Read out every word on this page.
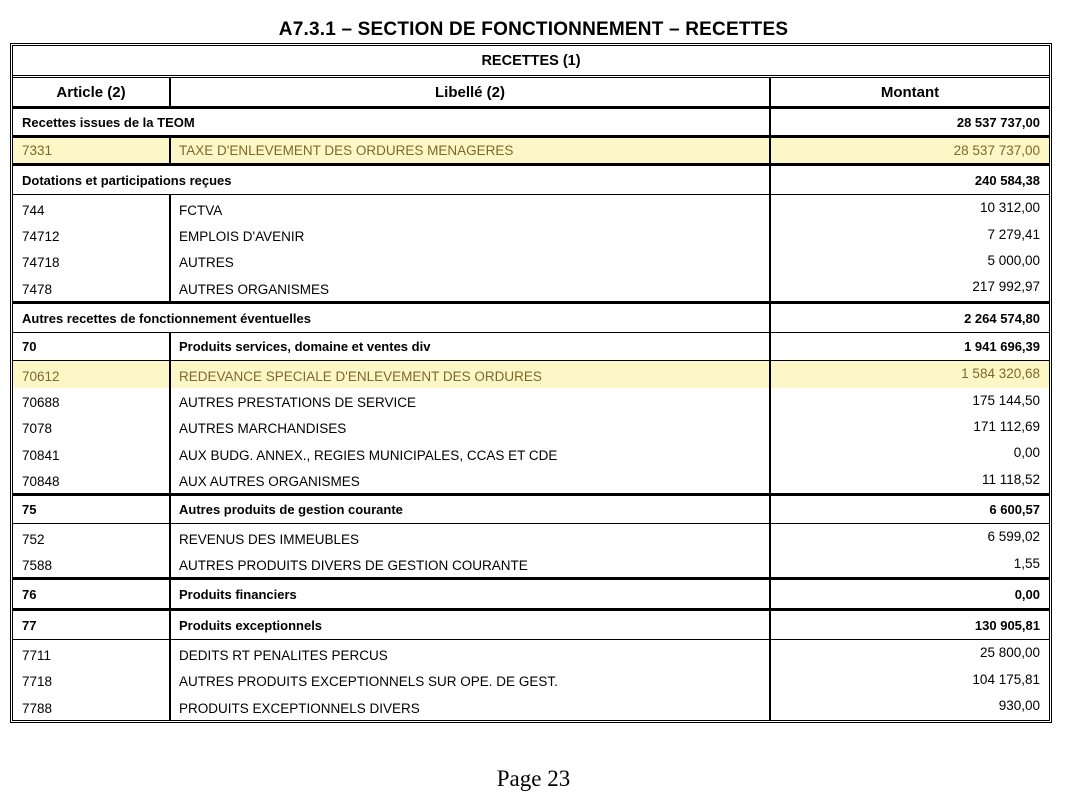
A7.3.1 – SECTION DE FONCTIONNEMENT – RECETTES
RECETTES (1)
Article (2)	Libellé (2)	Montant
Recettes issues de la TEOM	28 537 737,00
7331	TAXE D'ENLEVEMENT DES ORDURES MENAGERES	28 537 737,00
Dotations et participations reçues	240 584,38
744	FCTVA	10 312,00
74712	EMPLOIS D'AVENIR	7 279,41
74718	AUTRES	5 000,00
7478	AUTRES ORGANISMES	217 992,97
Autres recettes de fonctionnement éventuelles	2 264 574,80
70	Produits services, domaine et ventes div	1 941 696,39
70612	REDEVANCE SPECIALE D'ENLEVEMENT DES ORDURES	1 584 320,68
70688	AUTRES PRESTATIONS DE SERVICE	175 144,50
7078	AUTRES MARCHANDISES	171 112,69
70841	AUX BUDG. ANNEX., REGIES MUNICIPALES, CCAS ET CDE	0,00
70848	AUX AUTRES ORGANISMES	11 118,52
75	Autres produits de gestion courante	6 600,57
752	REVENUS DES IMMEUBLES	6 599,02
7588	AUTRES PRODUITS DIVERS DE GESTION COURANTE	1,55
76	Produits financiers	0,00
77	Produits exceptionnels	130 905,81
7711	DEDITS RT PENALITES PERCUS	25 800,00
7718	AUTRES PRODUITS EXCEPTIONNELS SUR OPE. DE GEST.	104 175,81
7788	PRODUITS EXCEPTIONNELS DIVERS	930,00
Page 23
